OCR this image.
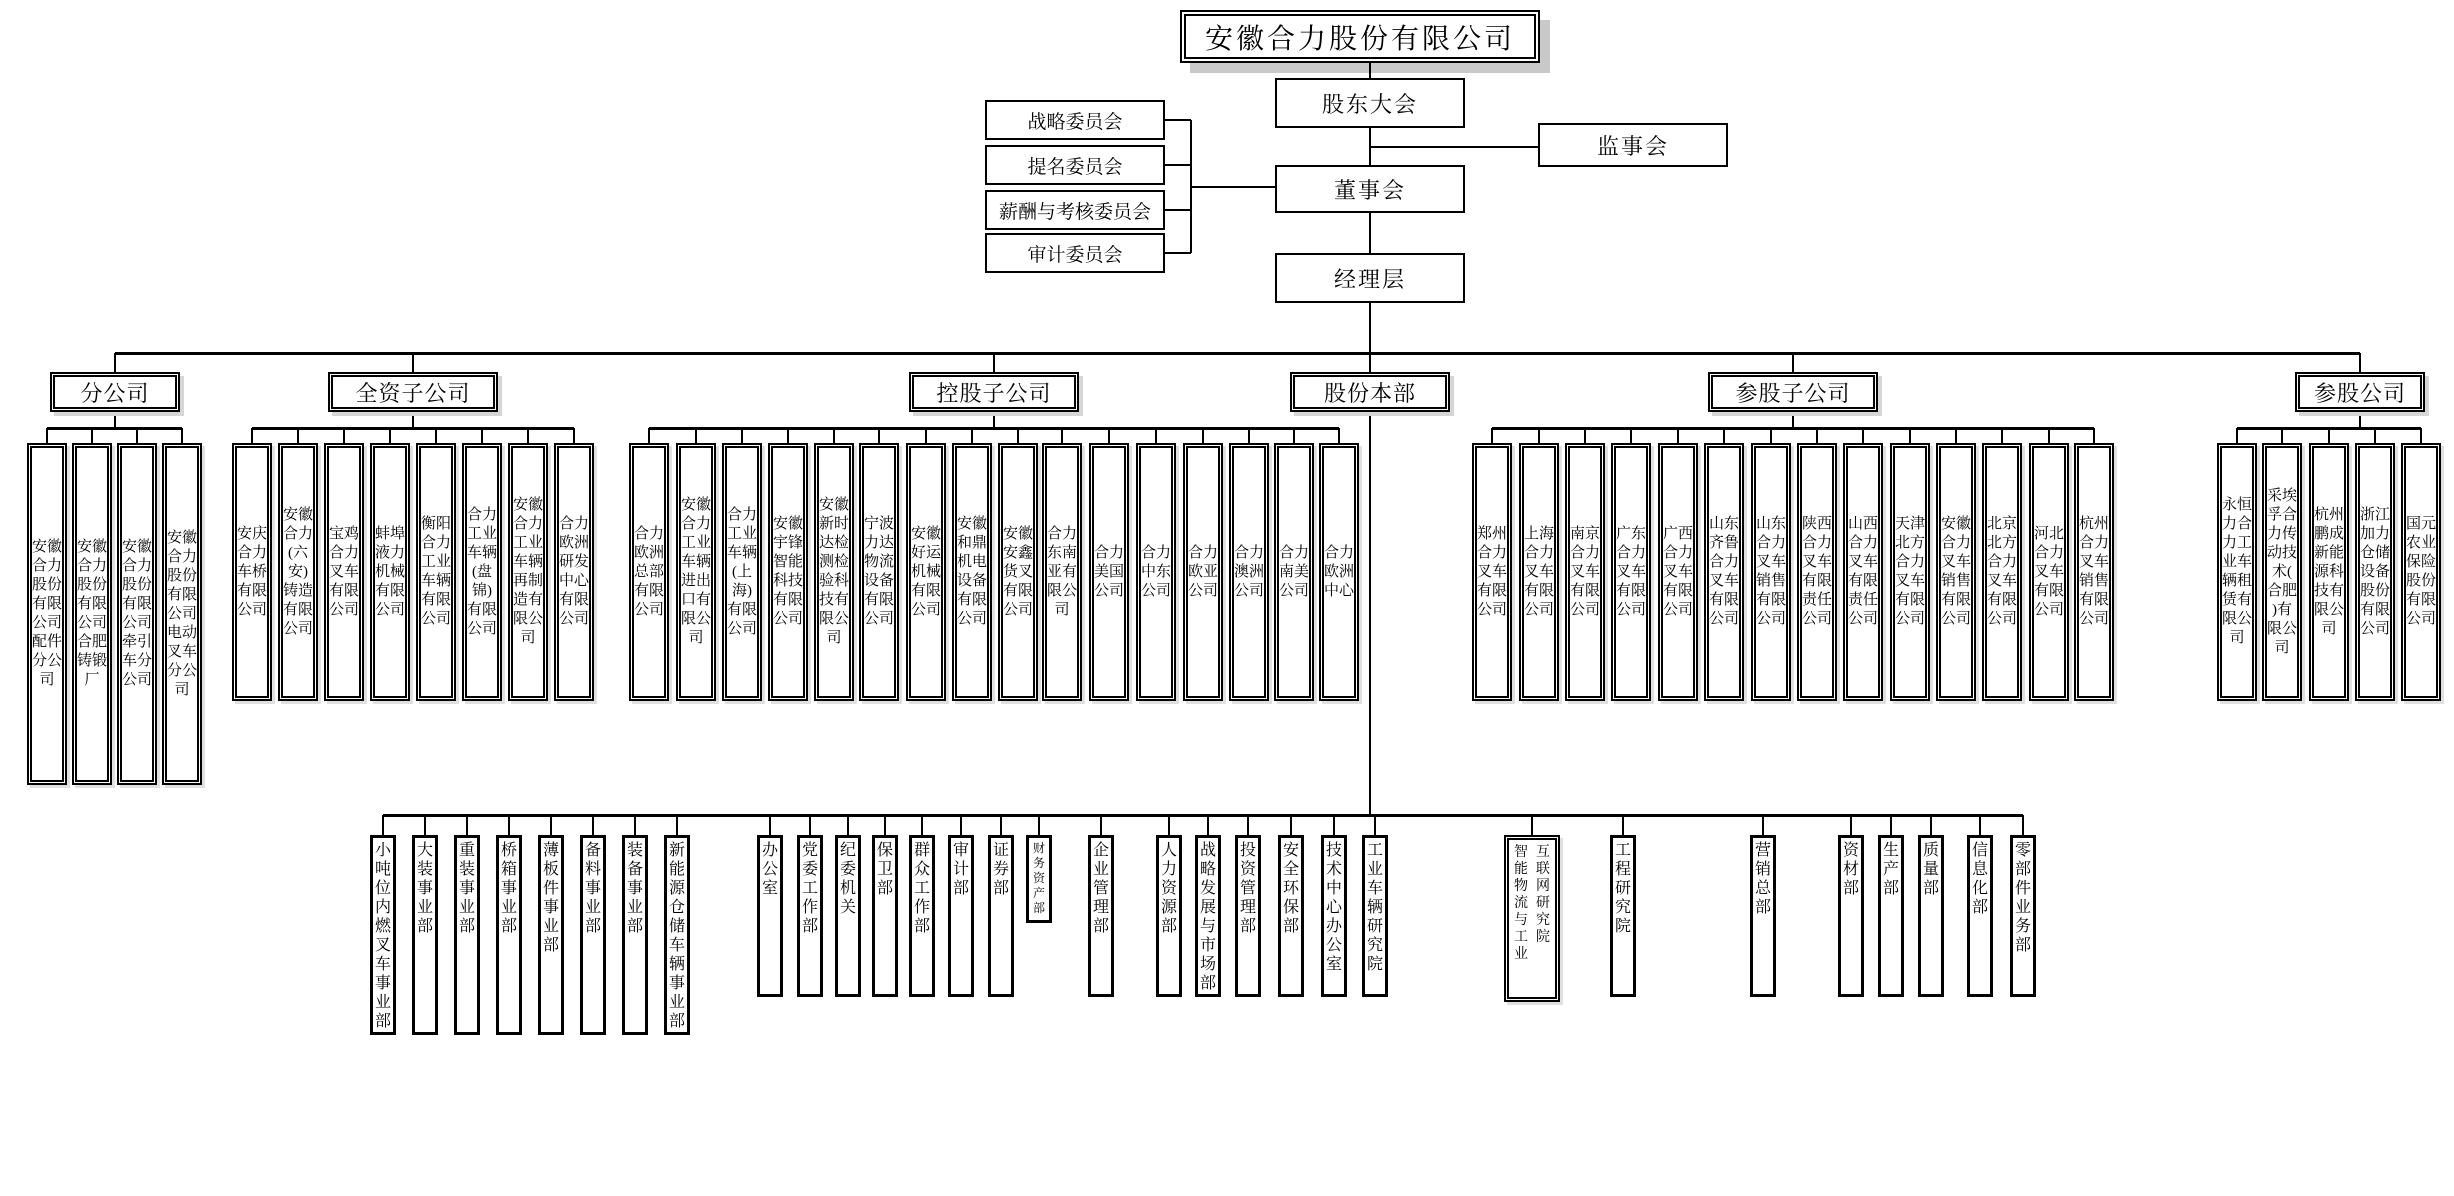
安徽合力股份有限公司
股东大会
监事会
董事会
经理层
战略委员会
提名委员会
薪酬与考核委员会
审计委员会
分公司
安徽合力股份有限公司配件分公司
安徽合力股份有限公司合肥铸锻厂
安徽合力股份有限公司牵引车分公司
安徽合力股份有限公司电动叉车分公司
全资子公司
安庆合力车桥有限公司
安徽合力(六安)铸造有限公司
宝鸡合力叉车有限公司
蚌埠液力机械有限公司
衡阳合力工业车辆有限公司
合力工业车辆(盘锦)有限公司
安徽合力工业车辆再制造有限公司
合力欧洲研发中心有限公司
控股子公司
合力欧洲总部有限公司
安徽合力工业车辆进出口有限公司
合力工业车辆(上海)有限公司
安徽宇锋智能科技有限公司
安徽新时达检测检验科技有限公司
宁波力达物流设备有限公司
安徽好运机械有限公司
安徽和鼎机电设备有限公司
安徽安鑫货叉有限公司
合力东南亚有限公司
合力美国公司
合力中东公司
合力欧亚公司
合力澳洲公司
合力南美公司
合力欧洲中心
股份本部	参股子公司
郑州合力叉车有限公司
上海合力叉车有限公司
南京合力叉车有限公司
广东合力叉车有限公司
广西合力叉车有限公司
山东齐鲁合力叉车有限公司
山东合力叉车销售有限公司
陕西合力叉车有限责任公司
山西合力叉车有限责任公司
天津北方合力叉车有限公司
安徽合力叉车销售有限公司
北京北方合力叉车有限公司
河北合力叉车有限公司
杭州合力叉车销售有限公司
参股公司
永恒力合力工业车辆租赁有限公司
采埃孚合力传动技术(合肥)有限公司
杭州鹏成新能源科技有限公司
浙江加力仓储设备股份有限公司
国元农业保险股份有限公司
小吨位内燃叉车事业部
大装事业部
重装事业部
桥箱事业部
薄板件事业部
备料事业部
装备事业部
新能源仓储车辆事业部
办公室
党委工作部
纪委机关
保卫部
群众工作部
审计部
证券部
财务资产部
企业管理部
人力资源部
战略发展与市场部
投资管理部
安全环保部
技术中心办公室
工业车辆研究院
智能物流与工业
互联网研究院
工程研究院
营销总部
资材部
生产部
质量部
信息化部
零部件业务部
